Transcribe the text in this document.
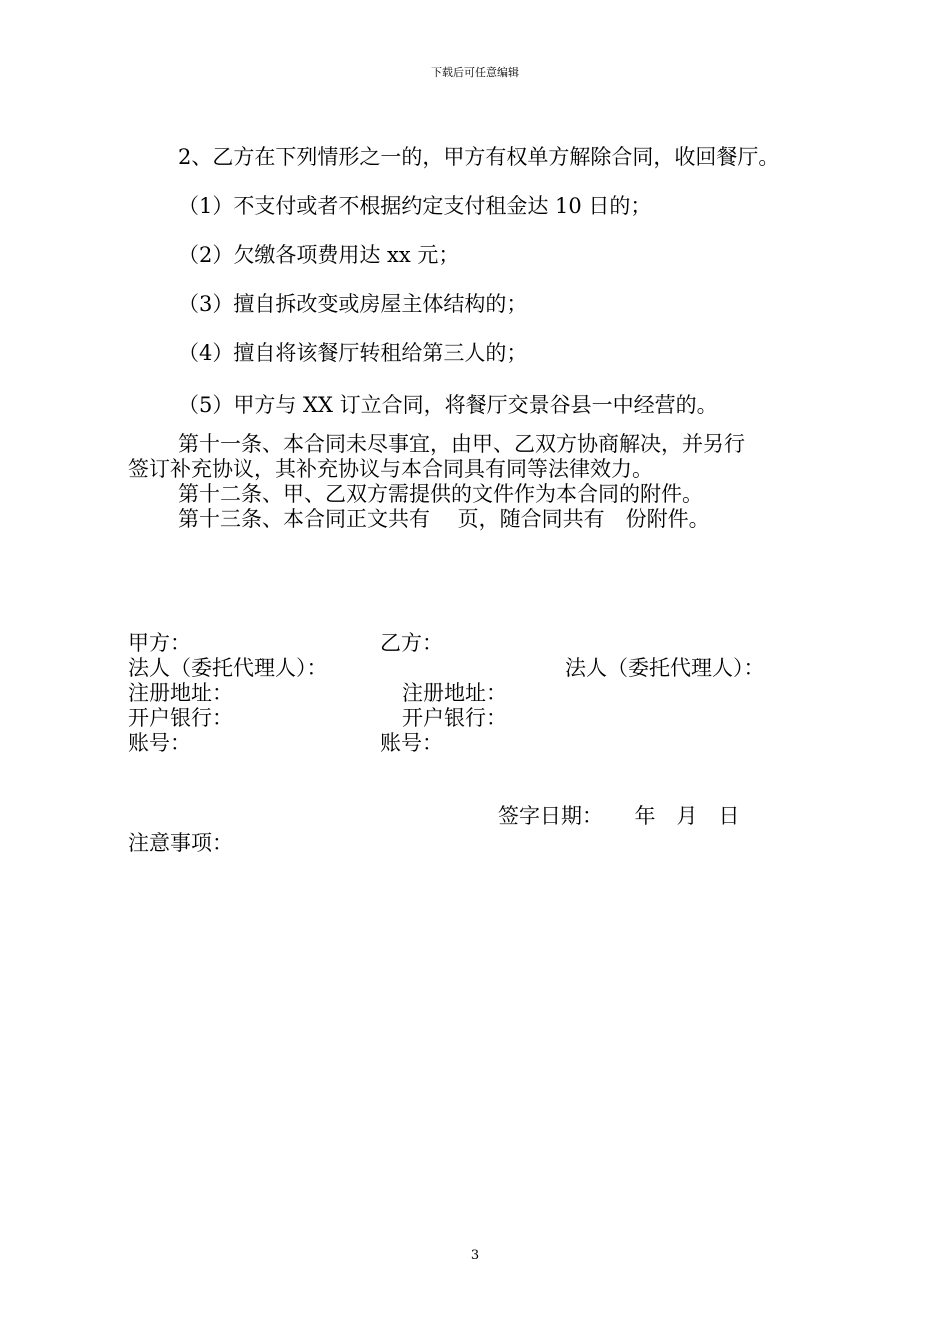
下载后可任意编辑
2、乙方在下列情形之一的，甲方有权单方解除合同，收回餐厅。
（1）不支付或者不根据约定支付租金达 10 日的；
（2）欠缴各项费用达 xx 元；
（3）擅自拆改变或房屋主体结构的；
（4）擅自将该餐厅转租给第三人的；
（5）甲方与 XX 订立合同，将餐厅交景谷县一中经营的。
第十一条、本合同未尽事宜，由甲、乙双方协商解决，并另行
签订补充协议，其补充协议与本合同具有同等法律效力。
第十二条、甲、乙双方需提供的文件作为本合同的附件。
第十三条、本合同正文共有　 页，随合同共有　份附件。
甲方：	乙方：
法人（委托代理人）：	法人（委托代理人）：
注册地址：	注册地址：
开户银行：	开户银行：
账号：	账号：
签字日期：　　年　月　日
注意事项：
3
